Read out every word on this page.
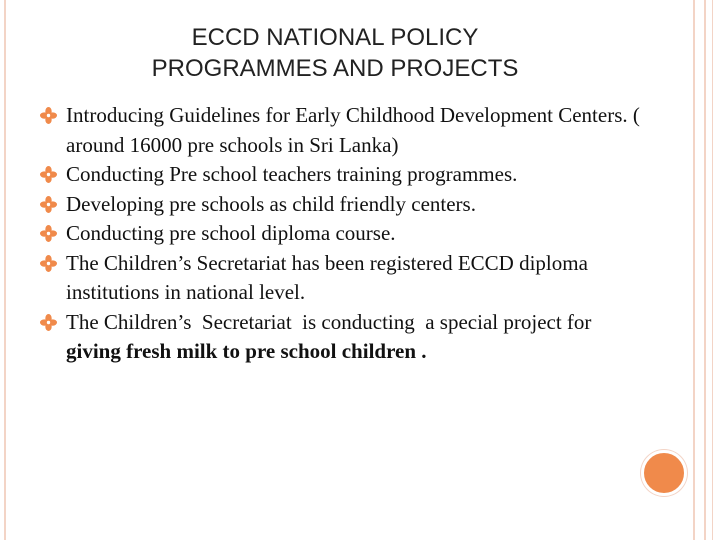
ECCD NATIONAL POLICY
PROGRAMMES AND PROJECTS
Introducing Guidelines for Early Childhood Development Centers. ( around 16000 pre schools in Sri Lanka)
Conducting Pre school teachers training programmes.
Developing pre schools as child friendly centers.
Conducting pre school diploma course.
The Children’s Secretariat has been registered ECCD diploma institutions in national level.
The Children’s  Secretariat  is conducting  a special project for  giving fresh milk to pre school children .
